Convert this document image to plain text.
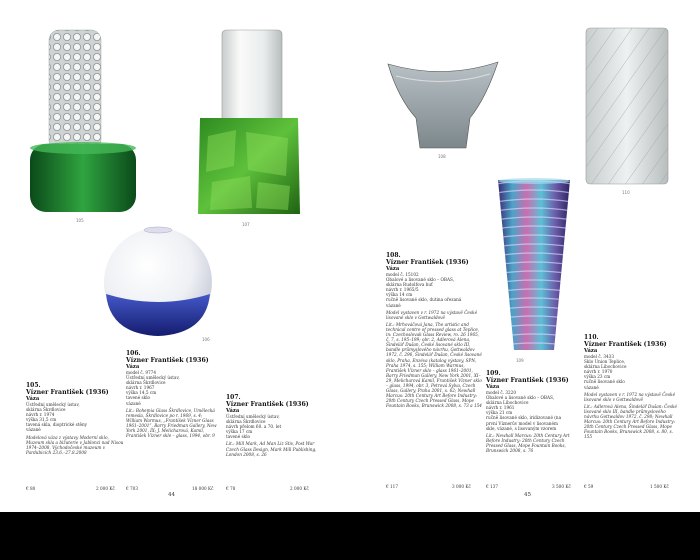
105
107
106
108
110
109
105.
Vízner František (1936)
Váza
Ústřední umělecký ústav,
sklárna Škrdlovice
návrh r. 1974
výška 31,5 cm
tavená skla, dioptrické stěny
vázané
Modelová váza z výstavy Moderní sklo, Muzeum skla a bižuterie v Jablonci nad Nisou 1974–2008, Východočeské muzeum v Pardubicích 23.6.–27.8.2008
€ 80	2 000 Kč
106.
Vízner František (1936)
Váza
model č. 9774
Ústřední umělecký ústav,
sklárna Škrdlovice
návrh r. 1967
výška 14,5 cm
tavené sklo
vázané
Lit.: Bohemia Glass Škrdlovice, Umělecká remesla, Škrdlovice po r. 1969, s. 4; William Warmus, „František Vízner Glass 1961–2001“, Barry Friedman Gallery, New York 2001, IX; J. Melicharová, Kamil, František Vízner skle – glass, 1994, obr. 9
€ 703	18 000 Kč
107.
Vízner František (1936)
Váza
Ústřední umělecký ústav,
sklárna Škrdlovice
návrh přelom 60. a 70. let
výška 17 cm
tavené sklo
Lit.: Mill Mark, Ad Man Liz Stiv, Post War Czech Glass Design, Mark Mill Publishing, London 2008, s. 26
€ 78	2 000 Kč
44
108.
Vízner František (1936)
Váza
model č. 15102
Obalové a lisované sklo – OBAS,
sklárna Rudolfova huť
návrh r. 1965/5
výška 14 cm
ručně lisované sklo, dutina ořezaná
vázané
Model vystaven v r. 1972 na výstavě České lisované sklo v Gottwaldově
Lit.: Mrhováčová Jana, The artistic and technical centre of pressed glass at Teplice, in: Czechoslovak Glass Review, ro. 26 1965, č. 7, s. 195–199; obr. 2, Adlerová Alena, Šindelář Dušan, České lisované sklo III, bandle průmyslového návrhu, Gottwaldov 1972, č. 296, Šindelář Dušan, České lisované sklo, Praha, Enzéva (katalog výstavy, SPN, Praha 1974, s. 155; William Warmus, František Vízner sklo – glass 1961–2001, Barry Friedman Gallery, New York 2001, XI–29, Melicharová Kamil, František Vízner sklo – glass, 1994, obr. 3, Petrová Sylva, Czech Glass, Gallery, Praha 2001, s. 62; Newhall Marcus: 20th Century Art Before Industry: 20th Century Czech Pressed Glass, Mope Fountain Books, Brunswick 2008, s. 73 a 154
€ 117	3 000 Kč
109.
Vízner František (1936)
Váza
model č. 3220
Obalové a lisované sklo – OBAS,
sklárna Libochovice
návrh r. 1961
výška 21 cm
ručně lisované sklo, iridizované (na
první Víznerův model v lisovaném
skle, vázané, s lisovaným vzorem
Lit.: Newhall Marcus: 20th Century Art Before Industry: 20th Century Czech Pressed Glass, Mope Fountain Books, Brunswick 2008, s. 76
€ 137	3 500 Kč
110.
Vízner František (1936)
Váza
model č. 3433
Sklo Union Teplice,
sklárna Libochovice
návrh r. 1970
výška 23 cm
ručně lisované sklo
vázané
Model vystaven v r. 1972 na výstavě České lisované sklo v Gottwaldově
Lit.: Adlerová Alena, Šindelář Dušan: České lisované sklo III, bandle průmyslového návrhu Gottwaldov 1972, č. 298; Newhall Marcus: 20th Century Art Before Industry: 20th Century Czech Pressed Glass, Mope Fountain Books, Brunswick 2008, s. 80, s. 155
€ 59	1 500 Kč
45
